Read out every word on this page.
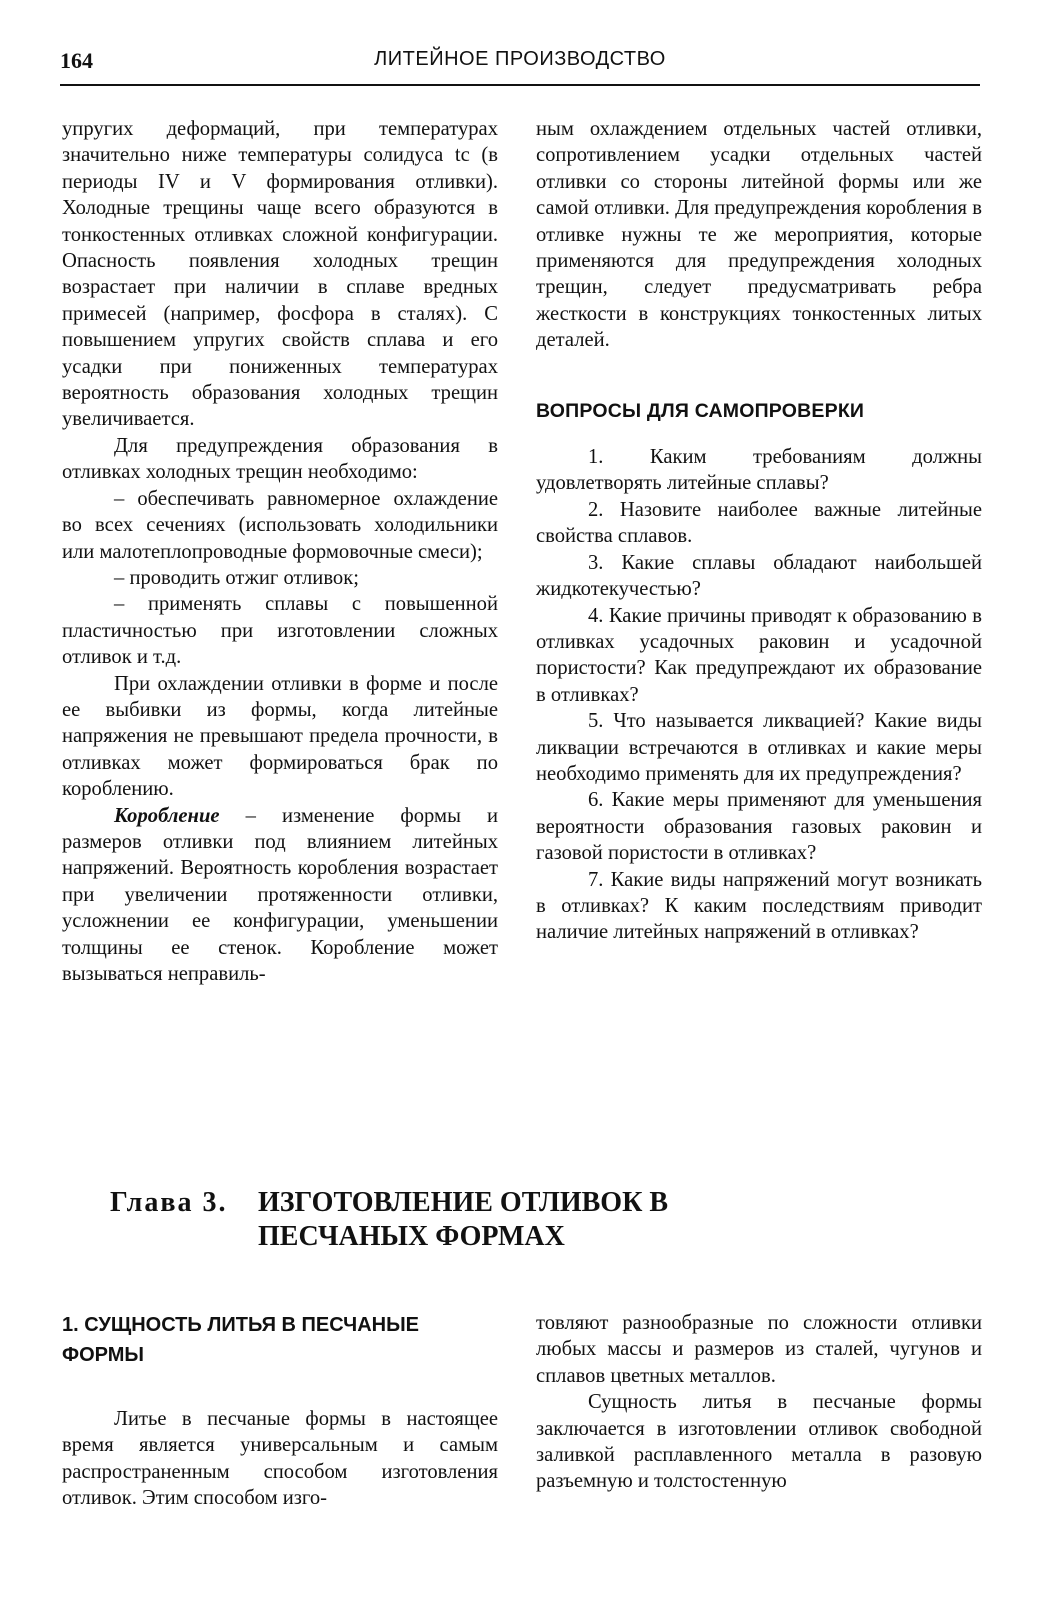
164	ЛИТЕЙНОЕ ПРОИЗВОДСТВО

упругих деформаций, при температурах значительно ниже температуры солидуса tс (в периоды IV и V формирования отливки). Холодные трещины чаще всего образуются в тонкостенных отливках сложной конфигурации. Опасность появления холодных трещин возрастает при наличии в сплаве вредных примесей (например, фосфора в сталях). С повышением упругих свойств сплава и его усадки при пониженных температурах вероятность образования холодных трещин увеличивается.

Для предупреждения образования в отливках холодных трещин необходимо:

– обеспечивать равномерное охлаждение во всех сечениях (использовать холодильники или малотеплопроводные формовочные смеси);

– проводить отжиг отливок;

– применять сплавы с повышенной пластичностью при изготовлении сложных отливок и т.д.

При охлаждении отливки в форме и после ее выбивки из формы, когда литейные напряжения не превышают предела прочности, в отливках может формироваться брак по короблению.

Коробление – изменение формы и размеров отливки под влиянием литейных напряжений. Вероятность коробления возрастает при увеличении протяженности отливки, усложнении ее конфигурации, уменьшении толщины ее стенок. Коробление может вызываться неправиль-

ным охлаждением отдельных частей отливки, сопротивлением усадки отдельных частей отливки со стороны литейной формы или же самой отливки. Для предупреждения коробления в отливке нужны те же мероприятия, которые применяются для предупреждения холодных трещин, следует предусматривать ребра жесткости в конструкциях тонкостенных литых деталей.

ВОПРОСЫ ДЛЯ САМОПРОВЕРКИ

1. Каким требованиям должны удовлетворять литейные сплавы?

2. Назовите наиболее важные литейные свойства сплавов.

3. Какие сплавы обладают наибольшей жидкотекучестью?

4. Какие причины приводят к образованию в отливках усадочных раковин и усадочной пористости? Как предупреждают их образование в отливках?

5. Что называется ликвацией? Какие виды ликвации встречаются в отливках и какие меры необходимо применять для их предупреждения?

6. Какие меры применяют для уменьшения вероятности образования газовых раковин и газовой пористости в отливках?

7. Какие виды напряжений могут возникать в отливках? К каким последствиям приводит наличие литейных напряжений в отливках?

Глава 3. ИЗГОТОВЛЕНИЕ ОТЛИВОК В
ПЕСЧАНЫХ ФОРМАХ
1. СУЩНОСТЬ ЛИТЬЯ В ПЕСЧАНЫЕ ФОРМЫ

Литье в песчаные формы в настоящее время является универсальным и самым распространенным способом изготовления отливок. Этим способом изго-

товляют разнообразные по сложности отливки любых массы и размеров из сталей, чугунов и сплавов цветных металлов.

Сущность литья в песчаные формы заключается в изготовлении отливок свободной заливкой расплавленного металла в разовую разъемную и толстостенную
